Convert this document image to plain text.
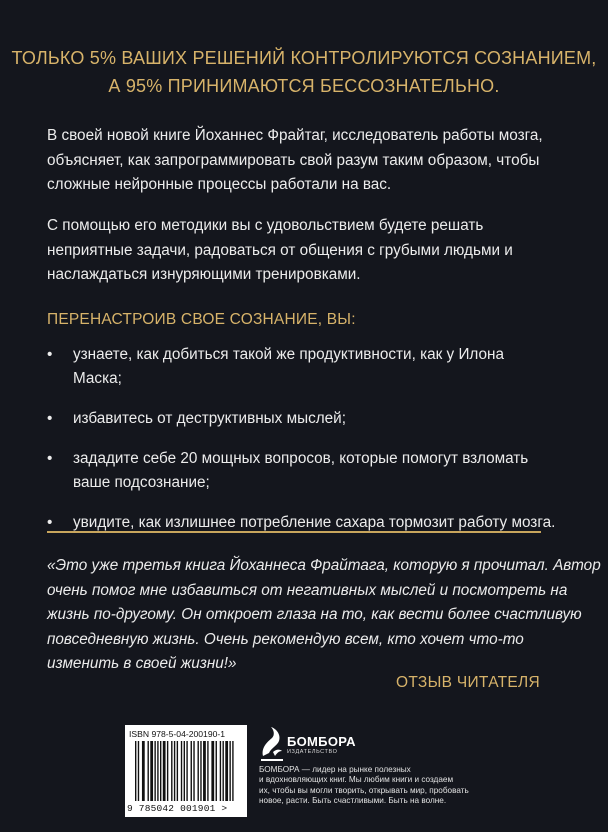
ТОЛЬКО 5% ВАШИХ РЕШЕНИЙ КОНТРОЛИРУЮТСЯ СОЗНАНИЕМ,
А 95% ПРИНИМАЮТСЯ БЕССОЗНАТЕЛЬНО.
В своей новой книге Йоханнес Фрайтаг, исследователь работы мозга,
объясняет, как запрограммировать свой разум таким образом, чтобы
сложные нейронные процессы работали на вас.
С помощью его методики вы с удовольствием будете решать
неприятные задачи, радоваться от общения с грубыми людьми и
наслаждаться изнуряющими тренировками.
ПЕРЕНАСТРОИВ СВОЕ СОЗНАНИЕ, ВЫ:
•	узнаете, как добиться такой же продуктивности, как у Илона
Маска;
•	избавитесь от деструктивных мыслей;
•	зададите себе 20 мощных вопросов, которые помогут взломать
ваше подсознание;
•	увидите, как излишнее потребление сахара тормозит работу мозга.
«Это уже третья книга Йоханнеса Фрайтага, которую я прочитал. Автор
очень помог мне избавиться от негативных мыслей и посмотреть на
жизнь по-другому. Он откроет глаза на то, как вести более счастливую
повседневную жизнь. Очень рекомендую всем, кто хочет что-то
изменить в своей жизни!»
ОТЗЫВ ЧИТАТЕЛЯ
ISBN 978-5-04-200190-1
9 785042 001901 >
БОМБОРА
ИЗДАТЕЛЬСТВО
БОМБОРА — лидер на рынке полезных
и вдохновляющих книг. Мы любим книги и создаем
их, чтобы вы могли творить, открывать мир, пробовать
новое, расти. Быть счастливыми. Быть на волне.
